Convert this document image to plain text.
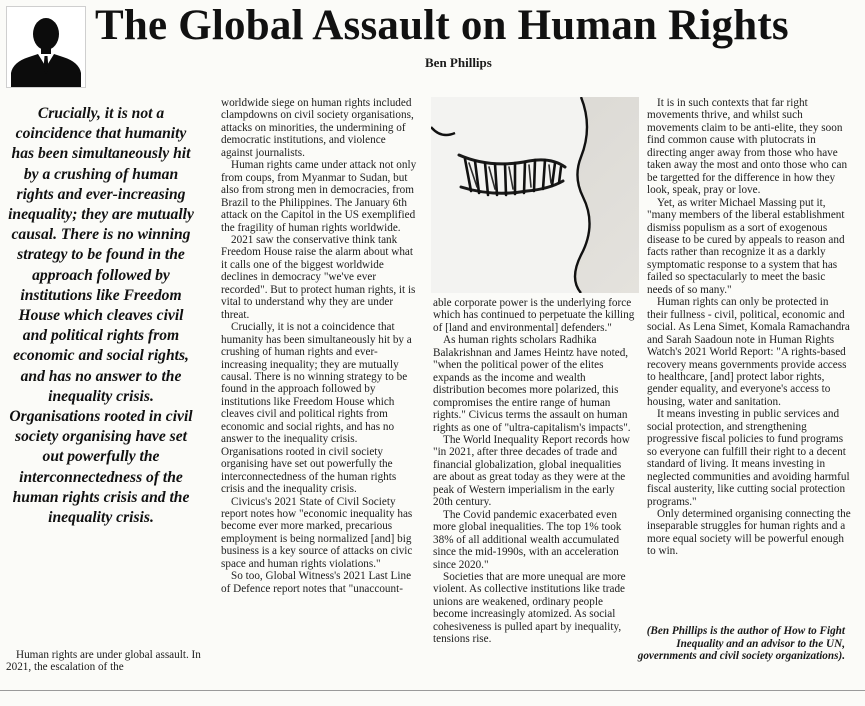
The Global Assault on Human Rights
Ben Phillips
Crucially, it is not a coincidence that humanity has been simultaneously hit by a crushing of human rights and ever-increasing inequality; they are mutually causal. There is no winning strategy to be found in the approach followed by institutions like Freedom House which cleaves civil and political rights from economic and social rights, and has no answer to the inequality crisis. Organisations rooted in civil society organising have set out powerfully the interconnectedness of the human rights crisis and the inequality crisis.

Human rights are under global assault. In 2021, the escalation of the

worldwide siege on human rights included clampdowns on civil society organisations, attacks on minorities, the undermining of democratic institutions, and violence against journalists.

Human rights came under attack not only from coups, from Myanmar to Sudan, but also from strong men in democracies, from Brazil to the Philippines. The January 6th attack on the Capitol in the US exemplified the fragility of human rights worldwide.

2021 saw the conservative think tank Freedom House raise the alarm about what it calls one of the biggest worldwide declines in democracy "we've ever recorded". But to protect human rights, it is vital to understand why they are under threat.

Crucially, it is not a coincidence that humanity has been simultaneously hit by a crushing of human rights and ever-increasing inequality; they are mutually causal. There is no winning strategy to be found in the approach followed by institutions like Freedom House which cleaves civil and political rights from economic and social rights, and has no answer to the inequality crisis. Organisations rooted in civil society organising have set out powerfully the interconnectedness of the human rights crisis and the inequality crisis.

Civicus's 2021 State of Civil Society report notes how "economic inequality has become ever more marked, precarious employment is being normalized [and] big business is a key source of attacks on civic space and human rights violations."

So too, Global Witness's 2021 Last Line of Defence report notes that "unaccount-

able corporate power is the underlying force which has continued to perpetuate the killing of [land and environmental] defenders."

As human rights scholars Radhika Balakrishnan and James Heintz have noted, "when the political power of the elites expands as the income and wealth distribution becomes more polarized, this compromises the entire range of human rights." Civicus terms the assault on human rights as one of "ultra-capitalism's impacts".

The World Inequality Report records how "in 2021, after three decades of trade and financial globalization, global inequalities are about as great today as they were at the peak of Western imperialism in the early 20th century.

The Covid pandemic exacerbated even more global inequalities. The top 1% took 38% of all additional wealth accumulated since the mid-1990s, with an acceleration since 2020."

Societies that are more unequal are more violent. As collective institutions like trade unions are weakened, ordinary people become increasingly atomized. As social cohesiveness is pulled apart by inequality, tensions rise.

It is in such contexts that far right movements thrive, and whilst such movements claim to be anti-elite, they soon find common cause with plutocrats in directing anger away from those who have taken away the most and onto those who can be targetted for the difference in how they look, speak, pray or love.

Yet, as writer Michael Massing put it, "many members of the liberal establishment dismiss populism as a sort of exogenous disease to be cured by appeals to reason and facts rather than recognize it as a darkly symptomatic response to a system that has failed so spectacularly to meet the basic needs of so many."

Human rights can only be protected in their fullness - civil, political, economic and social. As Lena Simet, Komala Ramachandra and Sarah Saadoun note in Human Rights Watch's 2021 World Report: "A rights-based recovery means governments provide access to healthcare, [and] protect labor rights, gender equality, and everyone's access to housing, water and sanitation.

It means investing in public services and social protection, and strengthening progressive fiscal policies to fund programs so everyone can fulfill their right to a decent standard of living. It means investing in neglected communities and avoiding harmful fiscal austerity, like cutting social protection programs."

Only determined organising connecting the inseparable struggles for human rights and a more equal society will be powerful enough to win.

(Ben Phillips is the author of How to Fight Inequality and an advisor to the UN, governments and civil society organizations).
